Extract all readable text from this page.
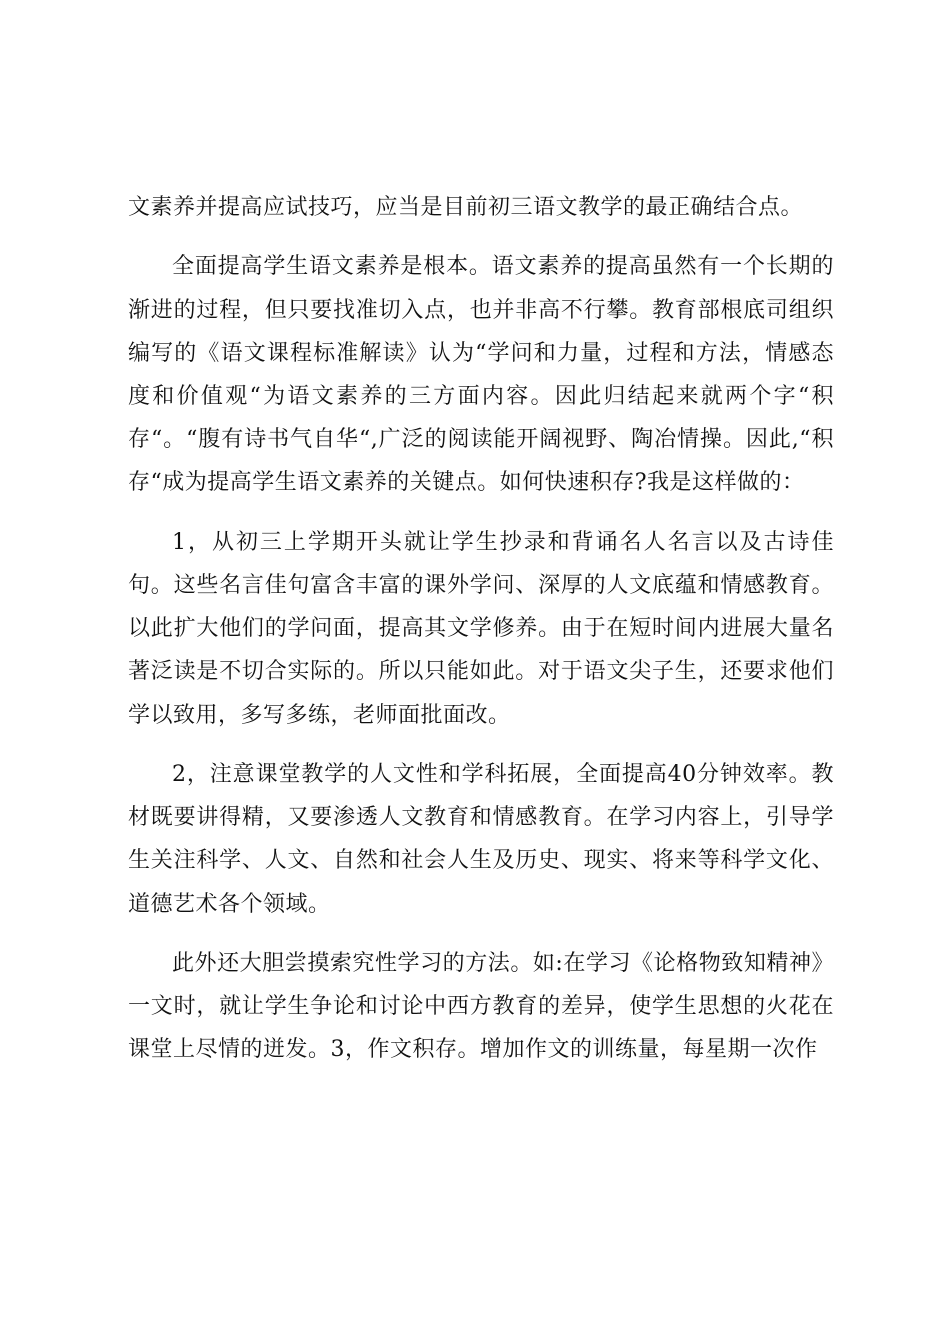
文素养并提高应试技巧，应当是目前初三语文教学的最正确结合点。

全面提高学生语文素养是根本。语文素养的提高虽然有一个长期的渐进的过程，但只要找准切入点，也并非高不行攀。教育部根底司组织编写的《语文课程标准解读》认为“学问和力量，过程和方法，情感态度和价值观“为语文素养的三方面内容。因此归结起来就两个字“积存“。“腹有诗书气自华“,广泛的阅读能开阔视野、陶冶情操。因此,“积存“成为提高学生语文素养的关键点。如何快速积存?我是这样做的：

1，从初三上学期开头就让学生抄录和背诵名人名言以及古诗佳句。这些名言佳句富含丰富的课外学问、深厚的人文底蕴和情感教育。以此扩大他们的学问面，提高其文学修养。由于在短时间内进展大量名著泛读是不切合实际的。所以只能如此。对于语文尖子生，还要求他们学以致用，多写多练，老师面批面改。

2，注意课堂教学的人文性和学科拓展，全面提高40分钟效率。教材既要讲得精，又要渗透人文教育和情感教育。在学习内容上，引导学生关注科学、人文、自然和社会人生及历史、现实、将来等科学文化、道德艺术各个领域。

此外还大胆尝摸索究性学习的方法。如:在学习《论格物致知精神》一文时，就让学生争论和讨论中西方教育的差异，使学生思想的火花在课堂上尽情的迸发。3，作文积存。增加作文的训练量，每星期一次作
